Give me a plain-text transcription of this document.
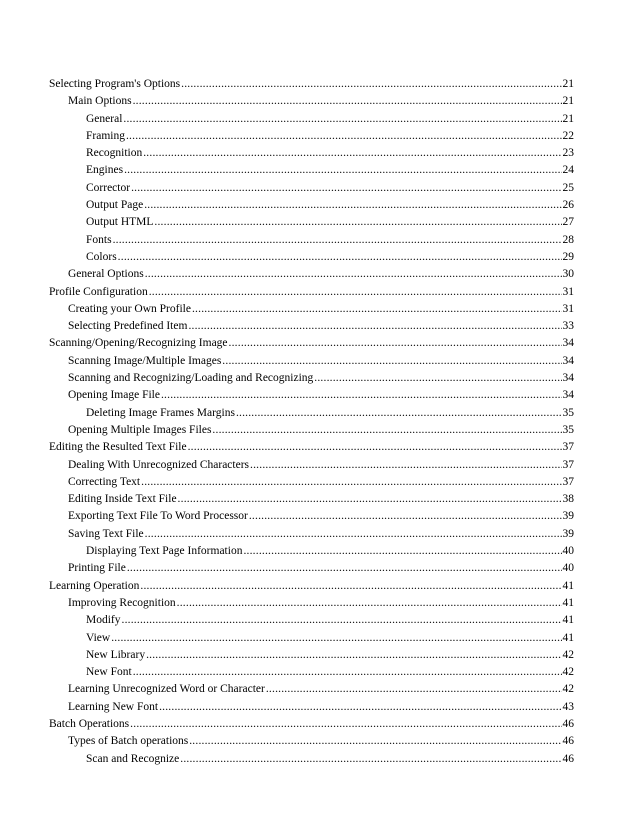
Selecting Program's Options .....	21
Main Options .....	21
General .....	21
Framing .....	22
Recognition .....	23
Engines .....	24
Corrector .....	25
Output Page .....	26
Output HTML .....	27
Fonts .....	28
Colors .....	29
General Options .....	30
Profile Configuration .....	31
Creating your Own Profile .....	31
Selecting Predefined Item .....	33
Scanning/Opening/Recognizing Image .....	34
Scanning Image/Multiple Images .....	34
Scanning and Recognizing/Loading and Recognizing .....	34
Opening Image File .....	34
Deleting Image Frames Margins .....	35
Opening Multiple Images Files .....	35
Editing the Resulted Text File .....	37
Dealing With Unrecognized Characters .....	37
Correcting Text .....	37
Editing Inside Text File .....	38
Exporting Text File To Word Processor .....	39
Saving Text File .....	39
Displaying Text Page Information .....	40
Printing File .....	40
Learning Operation .....	41
Improving Recognition .....	41
Modify .....	41
View .....	41
New Library .....	42
New Font .....	42
Learning Unrecognized Word or Character .....	42
Learning New Font .....	43
Batch Operations .....	46
Types of Batch operations .....	46
Scan and Recognize .....	46
